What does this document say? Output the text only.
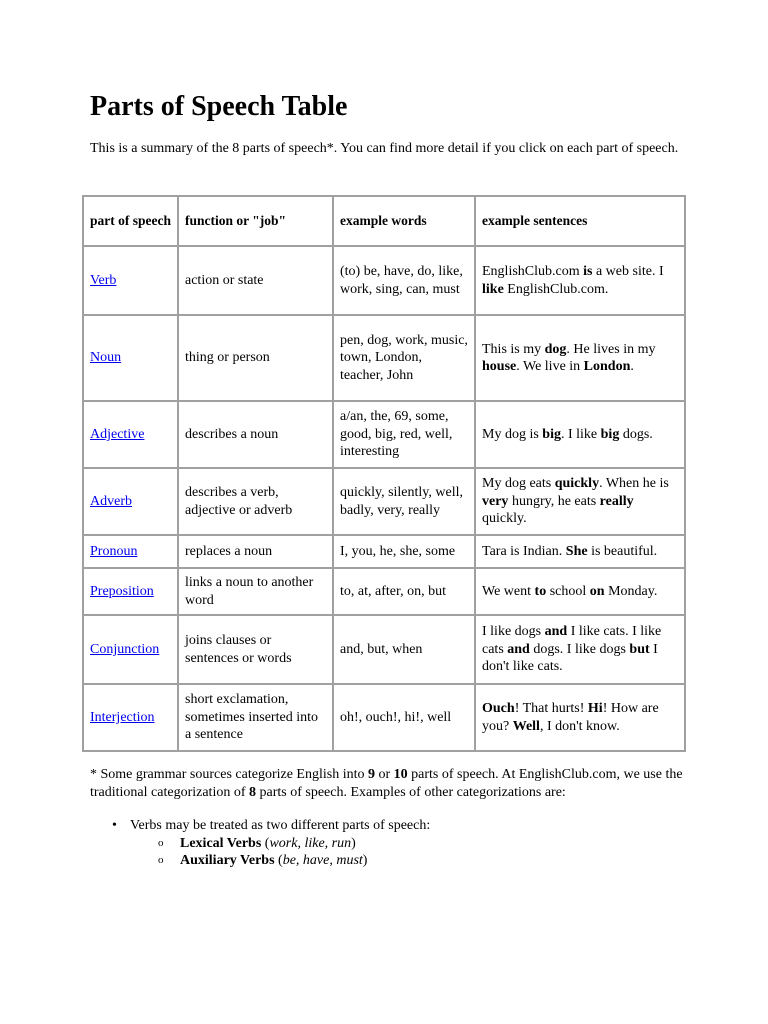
Parts of Speech Table
This is a summary of the 8 parts of speech*. You can find more detail if you click on each part of speech.
part of speech	function or "job"	example words	example sentences
Verb	action or state	(to) be, have, do, like, work, sing, can, must	EnglishClub.com is a web site. I like EnglishClub.com.
Noun	thing or person	pen, dog, work, music, town, London, teacher, John	This is my dog. He lives in my house. We live in London.
Adjective	describes a noun	a/an, the, 69, some, good, big, red, well, interesting	My dog is big. I like big dogs.
Adverb	describes a verb, adjective or adverb	quickly, silently, well, badly, very, really	My dog eats quickly. When he is very hungry, he eats really quickly.
Pronoun	replaces a noun	I, you, he, she, some	Tara is Indian. She is beautiful.
Preposition	links a noun to another word	to, at, after, on, but	We went to school on Monday.
Conjunction	joins clauses or sentences or words	and, but, when	I like dogs and I like cats. I like cats and dogs. I like dogs but I don't like cats.
Interjection	short exclamation, sometimes inserted into a sentence	oh!, ouch!, hi!, well	Ouch! That hurts! Hi! How are you? Well, I don't know.
* Some grammar sources categorize English into 9 or 10 parts of speech. At EnglishClub.com, we use the traditional categorization of 8 parts of speech. Examples of other categorizations are:
• Verbs may be treated as two different parts of speech:
o Lexical Verbs (work, like, run)
o Auxiliary Verbs (be, have, must)
